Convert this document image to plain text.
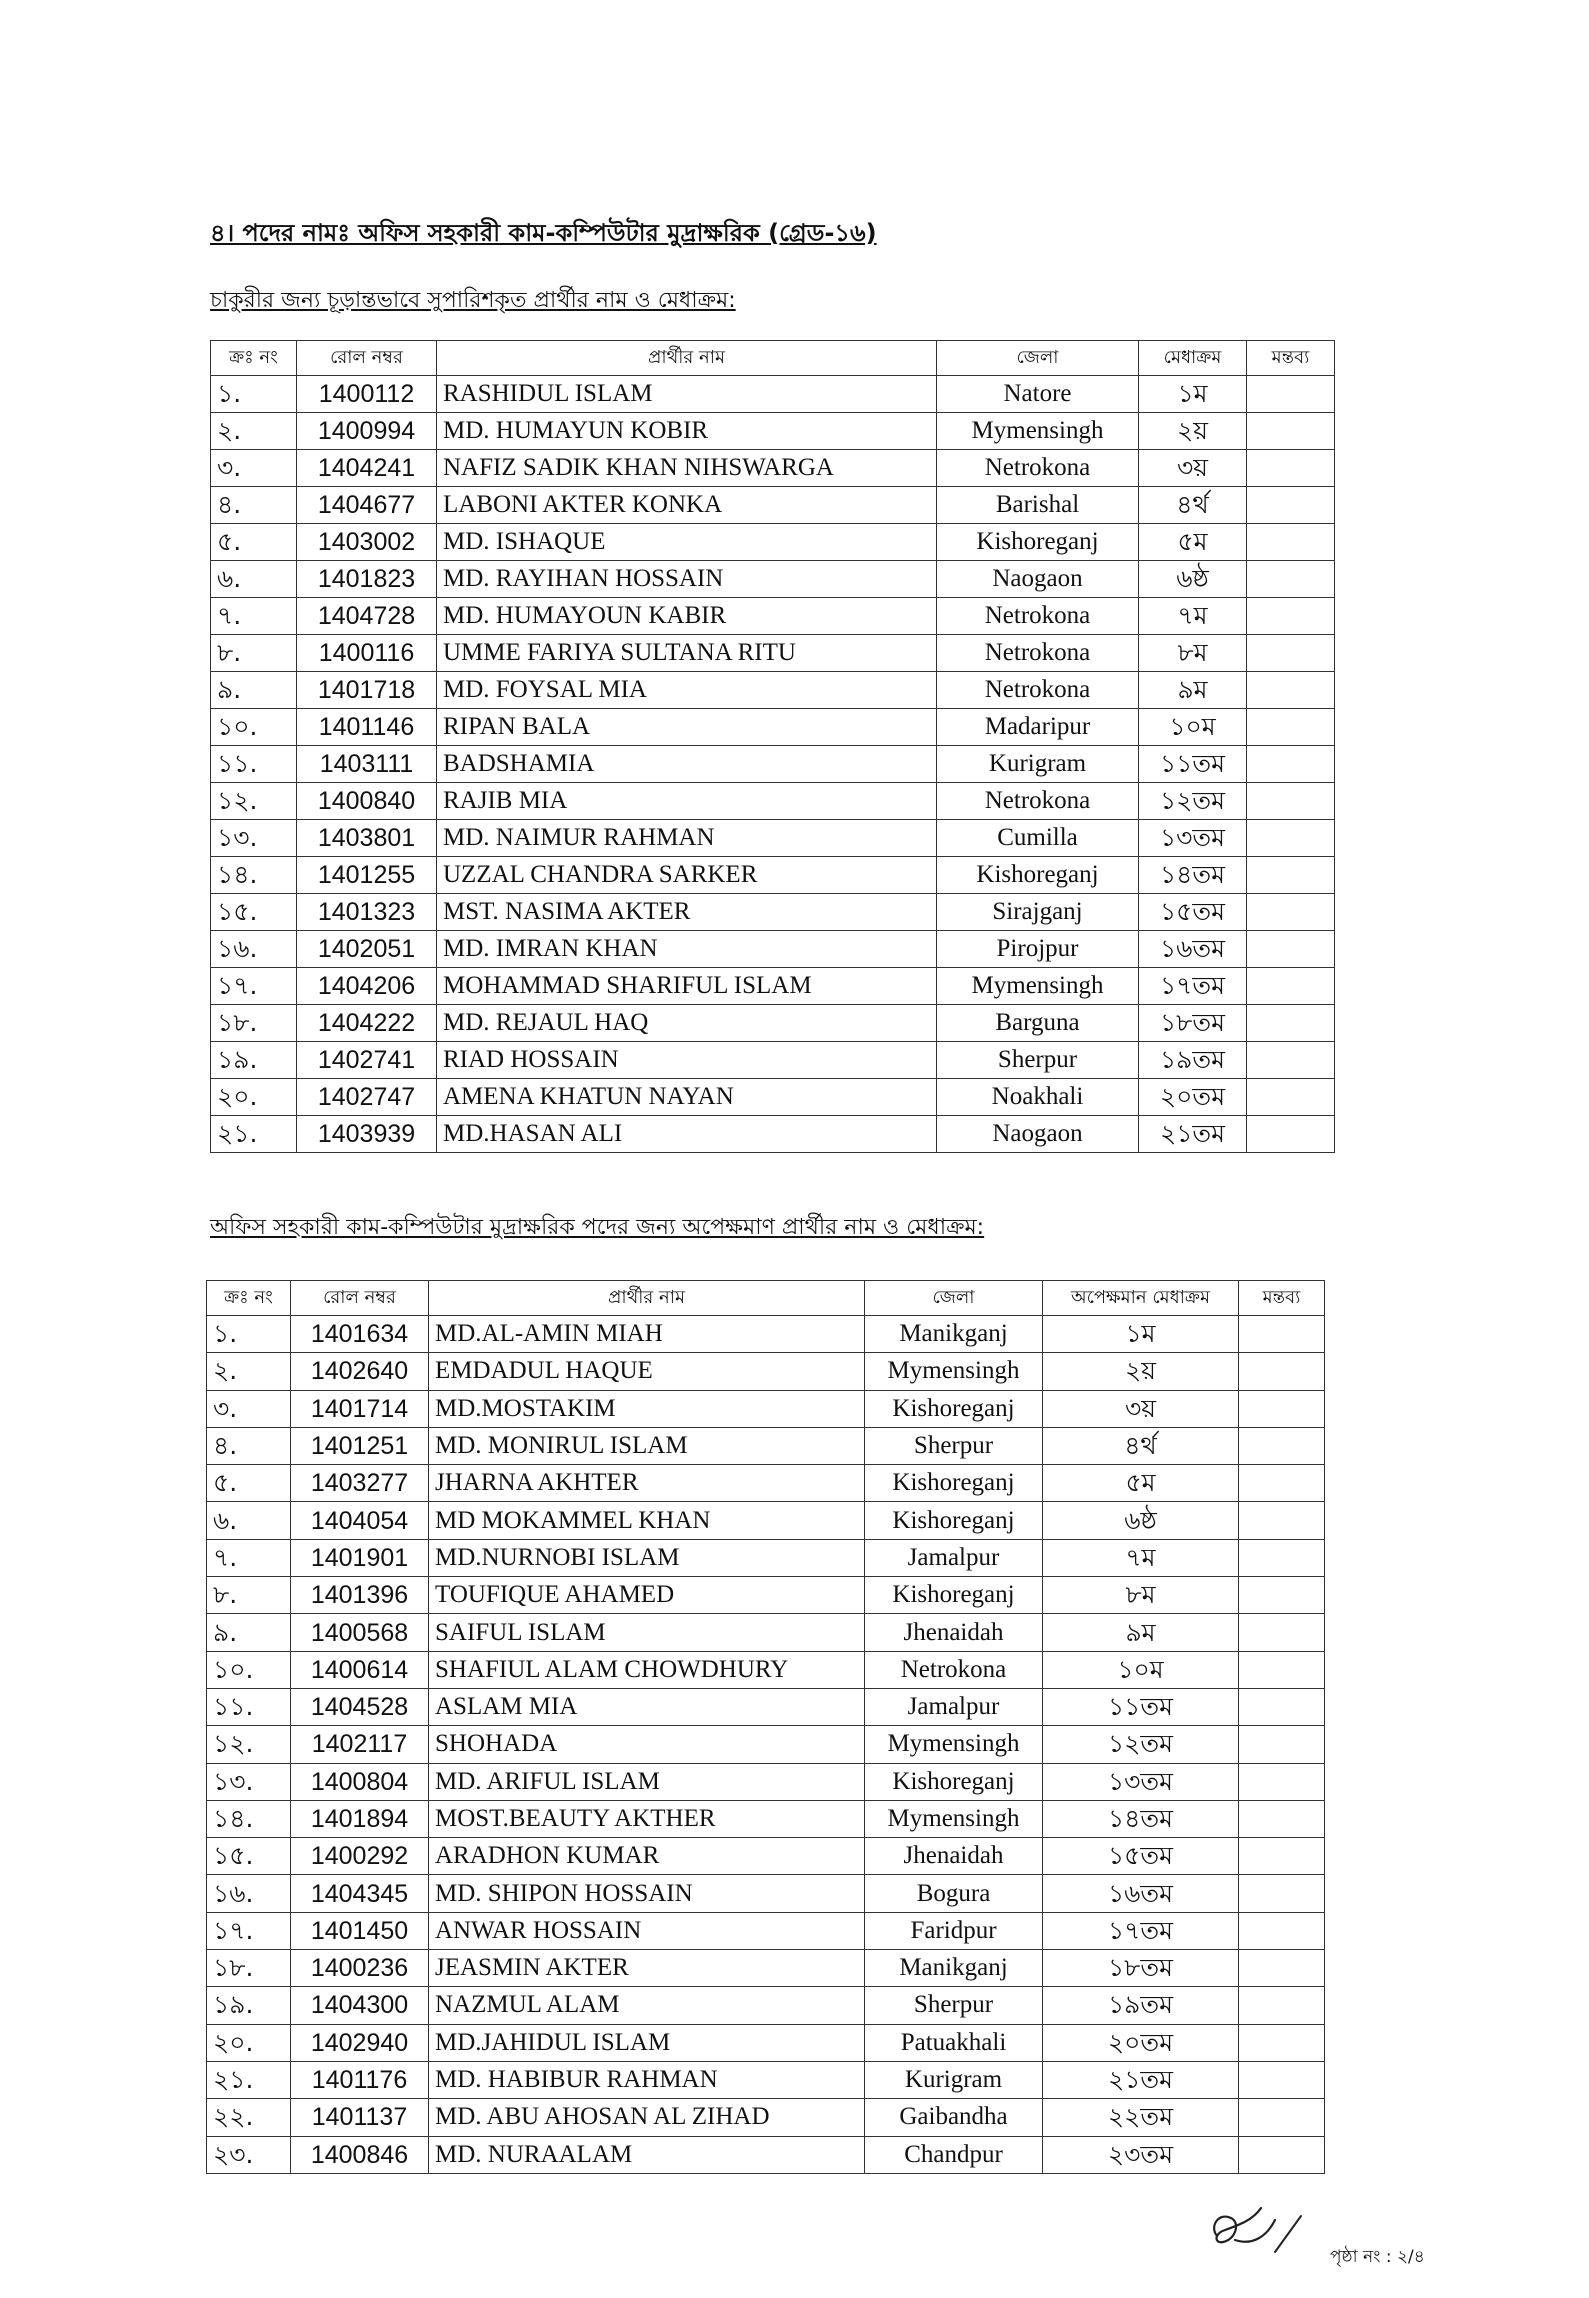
৪। পদের নামঃ অফিস সহকারী কাম-কম্পিউটার মুদ্রাক্ষরিক (গ্রেড-১৬)
চাকুরীর জন্য চূড়ান্তভাবে সুপারিশকৃত প্রার্থীর নাম ও মেধাক্রম:
ক্রঃ নং	রোল নম্বর	প্রার্থীর নাম	জেলা	মেধাক্রম	মন্তব্য
১.	1400112	RASHIDUL ISLAM	Natore	১ম	
২.	1400994	MD. HUMAYUN KOBIR	Mymensingh	২য়	
৩.	1404241	NAFIZ SADIK KHAN NIHSWARGA	Netrokona	৩য়	
৪.	1404677	LABONI AKTER KONKA	Barishal	৪র্থ	
৫.	1403002	MD. ISHAQUE	Kishoreganj	৫ম	
৬.	1401823	MD. RAYIHAN HOSSAIN	Naogaon	৬ষ্ঠ	
৭.	1404728	MD. HUMAYOUN KABIR	Netrokona	৭ম	
৮.	1400116	UMME FARIYA SULTANA RITU	Netrokona	৮ম	
৯.	1401718	MD. FOYSAL MIA	Netrokona	৯ম	
১০.	1401146	RIPAN BALA	Madaripur	১০ম	
১১.	1403111	BADSHAMIA	Kurigram	১১তম	
১২.	1400840	RAJIB MIA	Netrokona	১২তম	
১৩.	1403801	MD. NAIMUR RAHMAN	Cumilla	১৩তম	
১৪.	1401255	UZZAL CHANDRA SARKER	Kishoreganj	১৪তম	
১৫.	1401323	MST. NASIMA AKTER	Sirajganj	১৫তম	
১৬.	1402051	MD. IMRAN KHAN	Pirojpur	১৬তম	
১৭.	1404206	MOHAMMAD SHARIFUL ISLAM	Mymensingh	১৭তম	
১৮.	1404222	MD. REJAUL HAQ	Barguna	১৮তম	
১৯.	1402741	RIAD HOSSAIN	Sherpur	১৯তম	
২০.	1402747	AMENA KHATUN NAYAN	Noakhali	২০তম	
২১.	1403939	MD.HASAN ALI	Naogaon	২১তম	
অফিস সহকারী কাম-কম্পিউটার মুদ্রাক্ষরিক পদের জন্য অপেক্ষমাণ প্রার্থীর নাম ও মেধাক্রম:
ক্রঃ নং	রোল নম্বর	প্রার্থীর নাম	জেলা	অপেক্ষমান মেধাক্রম	মন্তব্য
১.	1401634	MD.AL-AMIN MIAH	Manikganj	১ম	
২.	1402640	EMDADUL HAQUE	Mymensingh	২য়	
৩.	1401714	MD.MOSTAKIM	Kishoreganj	৩য়	
৪.	1401251	MD. MONIRUL ISLAM	Sherpur	৪র্থ	
৫.	1403277	JHARNA AKHTER	Kishoreganj	৫ম	
৬.	1404054	MD MOKAMMEL KHAN	Kishoreganj	৬ষ্ঠ	
৭.	1401901	MD.NURNOBI ISLAM	Jamalpur	৭ম	
৮.	1401396	TOUFIQUE AHAMED	Kishoreganj	৮ম	
৯.	1400568	SAIFUL ISLAM	Jhenaidah	৯ম	
১০.	1400614	SHAFIUL ALAM CHOWDHURY	Netrokona	১০ম	
১১.	1404528	ASLAM MIA	Jamalpur	১১তম	
১২.	1402117	SHOHADA	Mymensingh	১২তম	
১৩.	1400804	MD. ARIFUL ISLAM	Kishoreganj	১৩তম	
১৪.	1401894	MOST.BEAUTY AKTHER	Mymensingh	১৪তম	
১৫.	1400292	ARADHON KUMAR	Jhenaidah	১৫তম	
১৬.	1404345	MD. SHIPON HOSSAIN	Bogura	১৬তম	
১৭.	1401450	ANWAR HOSSAIN	Faridpur	১৭তম	
১৮.	1400236	JEASMIN AKTER	Manikganj	১৮তম	
১৯.	1404300	NAZMUL ALAM	Sherpur	১৯তম	
২০.	1402940	MD.JAHIDUL ISLAM	Patuakhali	২০তম	
২১.	1401176	MD. HABIBUR RAHMAN	Kurigram	২১তম	
২২.	1401137	MD. ABU AHOSAN AL ZIHAD	Gaibandha	২২তম	
২৩.	1400846	MD. NURAALAM	Chandpur	২৩তম	
পৃষ্ঠা নং : ২/৪
